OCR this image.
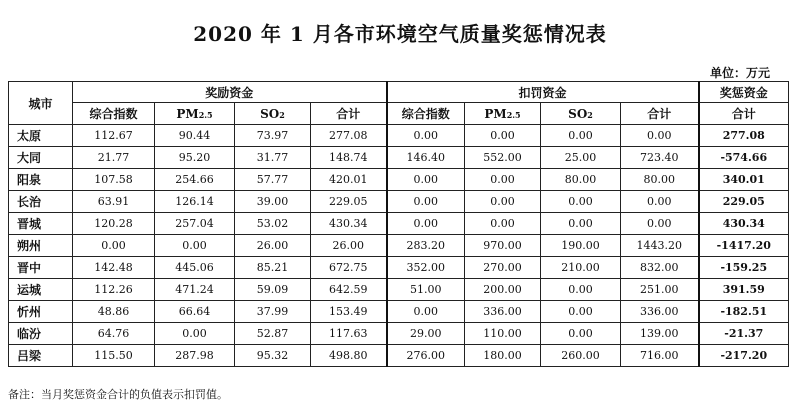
2020 年 1 月各市环境空气质量奖惩情况表
单位：万元
城市	奖励资金				扣罚资金				奖惩资金
	综合指数	PM2.5	SO2	合计	综合指数	PM2.5	SO2	合计	合计
太原	112.67	90.44	73.97	277.08	0.00	0.00	0.00	0.00	277.08
大同	21.77	95.20	31.77	148.74	146.40	552.00	25.00	723.40	-574.66
阳泉	107.58	254.66	57.77	420.01	0.00	0.00	80.00	80.00	340.01
长治	63.91	126.14	39.00	229.05	0.00	0.00	0.00	0.00	229.05
晋城	120.28	257.04	53.02	430.34	0.00	0.00	0.00	0.00	430.34
朔州	0.00	0.00	26.00	26.00	283.20	970.00	190.00	1443.20	-1417.20
晋中	142.48	445.06	85.21	672.75	352.00	270.00	210.00	832.00	-159.25
运城	112.26	471.24	59.09	642.59	51.00	200.00	0.00	251.00	391.59
忻州	48.86	66.64	37.99	153.49	0.00	336.00	0.00	336.00	-182.51
临汾	64.76	0.00	52.87	117.63	29.00	110.00	0.00	139.00	-21.37
吕梁	115.50	287.98	95.32	498.80	276.00	180.00	260.00	716.00	-217.20
备注：当月奖惩资金合计的负值表示扣罚值。
